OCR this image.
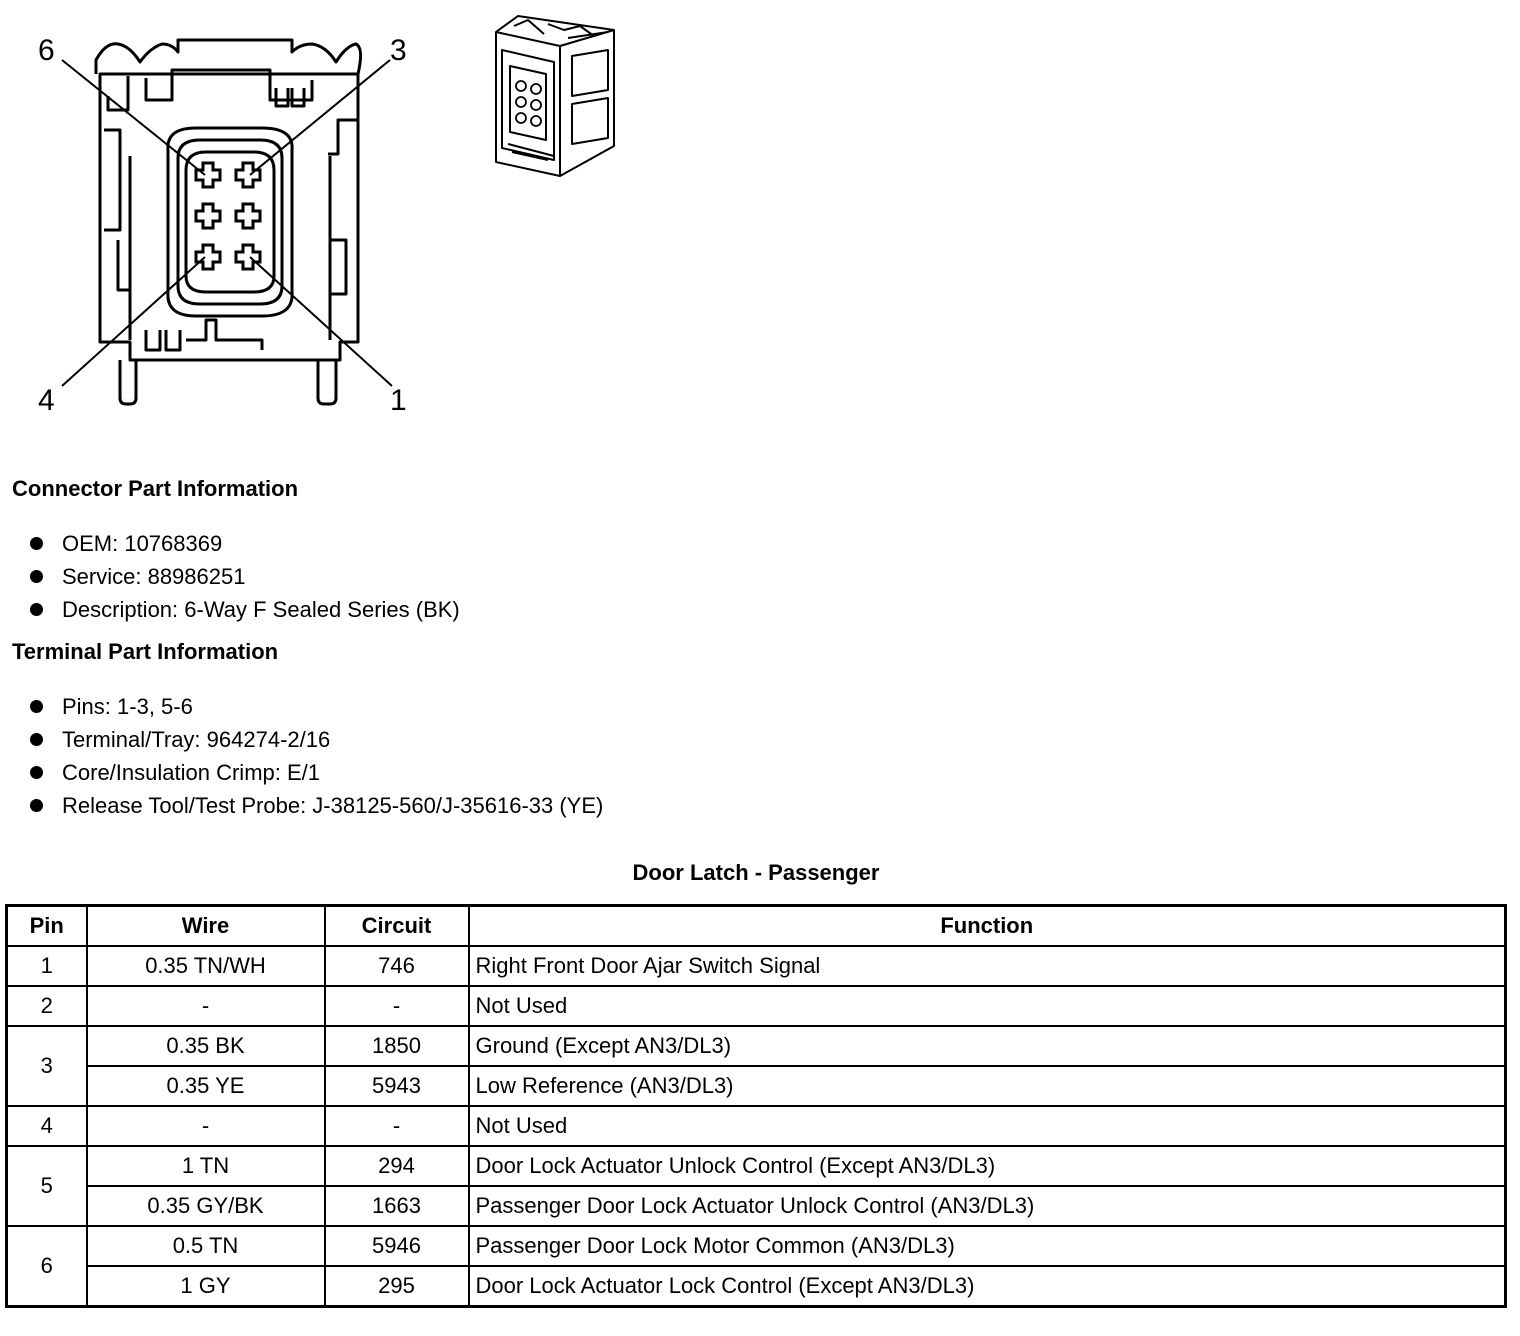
6	3
4	1
Connector Part Information
OEM: 10768369
Service: 88986251
Description: 6-Way F Sealed Series (BK)
Terminal Part Information
Pins: 1-3, 5-6
Terminal/Tray: 964274-2/16
Core/Insulation Crimp: E/1
Release Tool/Test Probe: J-38125-560/J-35616-33 (YE)
Door Latch - Passenger
Pin	Wire	Circuit	Function
1	0.35 TN/WH	746	Right Front Door Ajar Switch Signal
2	-	-	Not Used
3	0.35 BK	1850	Ground (Except AN3/DL3)
	0.35 YE	5943	Low Reference (AN3/DL3)
4	-	-	Not Used
5	1 TN	294	Door Lock Actuator Unlock Control (Except AN3/DL3)
	0.35 GY/BK	1663	Passenger Door Lock Actuator Unlock Control (AN3/DL3)
6	0.5 TN	5946	Passenger Door Lock Motor Common (AN3/DL3)
	1 GY	295	Door Lock Actuator Lock Control (Except AN3/DL3)
